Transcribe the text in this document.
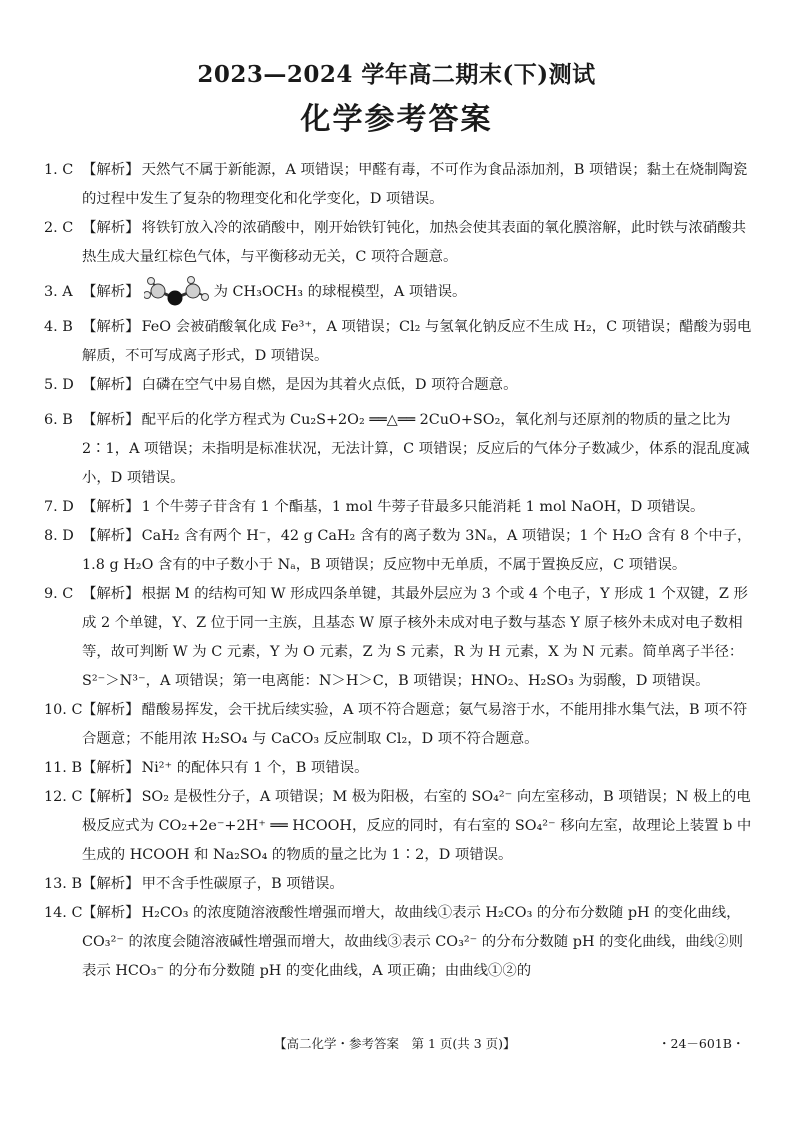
2023—2024 学年高二期末(下)测试
化学参考答案
1. C 【解析】 天然气不属于新能源，A 项错误；甲醛有毒，不可作为食品添加剂，B 项错误；黏土在烧制陶瓷的过程中发生了复杂的物理变化和化学变化，D 项错误。
2. C 【解析】 将铁钉放入冷的浓硝酸中，刚开始铁钉钝化，加热会使其表面的氧化膜溶解，此时铁与浓硝酸共热生成大量红棕色气体，与平衡移动无关，C 项符合题意。
3. A 【解析】	为 CH₃OCH₃ 的球棍模型，A 项错误。
4. B 【解析】 FeO 会被硝酸氧化成 Fe³⁺，A 项错误；Cl₂ 与氢氧化钠反应不生成 H₂，C 项错误；醋酸为弱电解质，不可写成离子形式，D 项错误。
5. D 【解析】 白磷在空气中易自燃，是因为其着火点低，D 项符合题意。
6. B 【解析】 配平后的化学方程式为 Cu₂S+2O₂ ══△══ 2CuO+SO₂，氧化剂与还原剂的物质的量之比为 2∶1，A 项错误；未指明是标准状况，无法计算，C 项错误；反应后的气体分子数减少，体系的混乱度减小，D 项错误。
7. D 【解析】 1 个牛蒡子苷含有 1 个酯基，1 mol 牛蒡子苷最多只能消耗 1 mol NaOH，D 项错误。
8. D 【解析】 CaH₂ 含有两个 H⁻，42 g CaH₂ 含有的离子数为 3Nₐ，A 项错误；1 个 H₂O 含有 8 个中子，1.8 g H₂O 含有的中子数小于 Nₐ，B 项错误；反应物中无单质，不属于置换反应，C 项错误。
9. C 【解析】 根据 M 的结构可知 W 形成四条单键，其最外层应为 3 个或 4 个电子，Y 形成 1 个双键，Z 形成 2 个单键，Y、Z 位于同一主族，且基态 W 原子核外未成对电子数与基态 Y 原子核外未成对电子数相等，故可判断 W 为 C 元素，Y 为 O 元素，Z 为 S 元素，R 为 H 元素，X 为 N 元素。简单离子半径：S²⁻＞N³⁻，A 项错误；第一电离能：N＞H＞C，B 项错误；HNO₂、H₂SO₃ 为弱酸，D 项错误。
10. C 【解析】 醋酸易挥发，会干扰后续实验，A 项不符合题意；氨气易溶于水，不能用排水集气法，B 项不符合题意；不能用浓 H₂SO₄ 与 CaCO₃ 反应制取 Cl₂，D 项不符合题意。
11. B 【解析】 Ni²⁺ 的配体只有 1 个，B 项错误。
12. C 【解析】 SO₂ 是极性分子，A 项错误；M 极为阳极，右室的 SO₄²⁻ 向左室移动，B 项错误；N 极上的电极反应式为 CO₂+2e⁻+2H⁺ ══ HCOOH，反应的同时，有右室的 SO₄²⁻ 移向左室，故理论上装置 b 中生成的 HCOOH 和 Na₂SO₄ 的物质的量之比为 1∶2，D 项错误。
13. B 【解析】 甲不含手性碳原子，B 项错误。
14. C 【解析】 H₂CO₃ 的浓度随溶液酸性增强而增大，故曲线①表示 H₂CO₃ 的分布分数随 pH 的变化曲线，CO₃²⁻ 的浓度会随溶液碱性增强而增大，故曲线③表示 CO₃²⁻ 的分布分数随 pH 的变化曲线，曲线②则表示 HCO₃⁻ 的分布分数随 pH 的变化曲线，A 项正确；由曲线①②的
【高二化学・参考答案　第 1 页(共 3 页)】	・24－601B・
